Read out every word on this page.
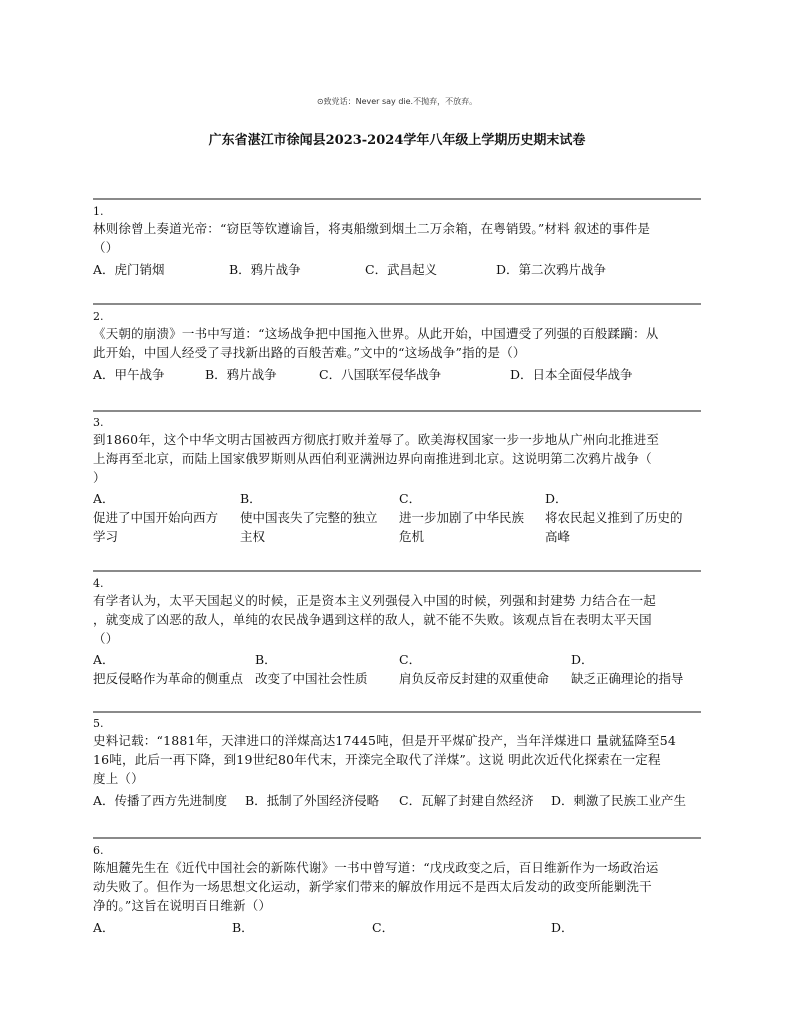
⊙致党话：Never say die.不抛弃，不放弃。
广东省湛江市徐闻县2023-2024学年八年级上学期历史期末试卷
1.
林则徐曾上奏道光帝：“窃臣等钦遵谕旨，将夷船缴到烟土二万余箱，在粤销毁。”材料 叙述的事件是
（）
A．虎门销烟	B．鸦片战争	C．武昌起义	D．第二次鸦片战争
2.
《天朝的崩溃》一书中写道：“这场战争把中国拖入世界。从此开始，中国遭受了列强的百般蹂躏：从
此开始，中国人经受了寻找新出路的百般苦难。”文中的“这场战争”指的是（）
A．甲午战争	B．鸦片战争	C．八国联军侵华战争	D．日本全面侵华战争
3.
到1860年，这个中华文明古国被西方彻底打败并羞辱了。欧美海权国家一步一步地从广州向北推进至
上海再至北京，而陆上国家俄罗斯则从西伯利亚满洲边界向南推进到北京。这说明第二次鸦片战争（
）
A．
促进了中国开始向西方
学习
B．
使中国丧失了完整的独立
主权
C．
进一步加剧了中华民族
危机
D．
将农民起义推到了历史的
高峰
4.
有学者认为，太平天国起义的时候，正是资本主义列强侵入中国的时候，列强和封建势 力结合在一起
，就变成了凶恶的敌人，单纯的农民战争遇到这样的敌人，就不能不失败。该观点旨在表明太平天国
（）
A．
把反侵略作为革命的侧重点
B．
改变了中国社会性质
C．
肩负反帝反封建的双重使命
D．
缺乏正确理论的指导
5.
史料记载：“1881年，天津进口的洋煤高达17445吨，但是开平煤矿投产，当年洋煤进口 量就猛降至54
16吨，此后一再下降，到19世纪80年代末，开滦完全取代了洋煤”。这说 明此次近代化探索在一定程
度上（）
A．传播了西方先进制度 B．抵制了外国经济侵略 C．瓦解了封建自然经济 D．刺激了民族工业产生
6.
陈旭麓先生在《近代中国社会的新陈代谢》一书中曾写道：“戊戌政变之后，百日维新作为一场政治运
动失败了。但作为一场思想文化运动，新学家们带来的解放作用远不是西太后发动的政变所能剿洗干
净的。”这旨在说明百日维新（）
A．	B．	C．	D．
